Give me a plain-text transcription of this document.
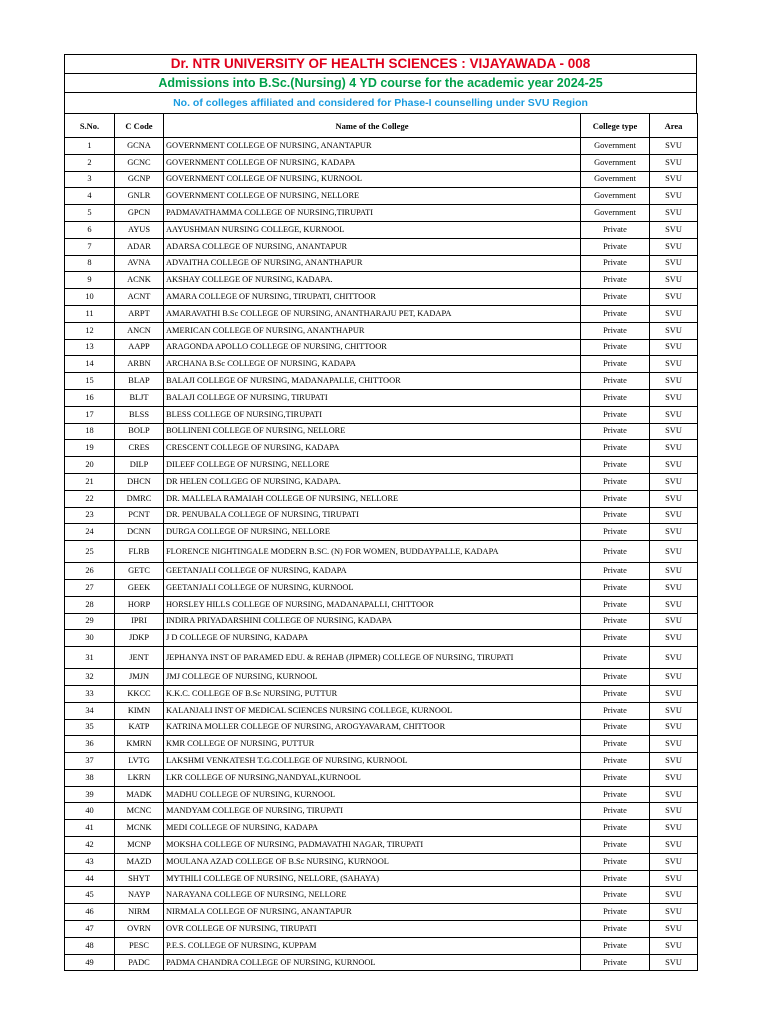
Dr. NTR UNIVERSITY OF HEALTH SCIENCES : VIJAYAWADA - 008
Admissions into B.Sc.(Nursing) 4 YD course for the academic year 2024-25
No. of colleges affiliated and considered for Phase-I counselling under SVU Region
S.No.	C Code	Name of the College	College type	Area
1	GCNA	GOVERNMENT COLLEGE OF NURSING, ANANTAPUR	Government	SVU
2	GCNC	GOVERNMENT COLLEGE OF NURSING, KADAPA	Government	SVU
3	GCNP	GOVERNMENT COLLEGE OF NURSING, KURNOOL	Government	SVU
4	GNLR	GOVERNMENT COLLEGE OF NURSING, NELLORE	Government	SVU
5	GPCN	PADMAVATHAMMA COLLEGE OF NURSING,TIRUPATI	Government	SVU
6	AYUS	AAYUSHMAN NURSING COLLEGE, KURNOOL	Private	SVU
7	ADAR	ADARSA COLLEGE OF NURSING, ANANTAPUR	Private	SVU
8	AVNA	ADVAITHA COLLEGE OF NURSING, ANANTHAPUR	Private	SVU
9	ACNK	AKSHAY COLLEGE OF NURSING, KADAPA.	Private	SVU
10	ACNT	AMARA COLLEGE OF NURSING, TIRUPATI, CHITTOOR	Private	SVU
11	ARPT	AMARAVATHI B.Sc COLLEGE OF NURSING, ANANTHARAJU PET, KADAPA	Private	SVU
12	ANCN	AMERICAN COLLEGE OF NURSING, ANANTHAPUR	Private	SVU
13	AAPP	ARAGONDA APOLLO COLLEGE OF NURSING, CHITTOOR	Private	SVU
14	ARBN	ARCHANA B.Sc COLLEGE OF NURSING, KADAPA	Private	SVU
15	BLAP	BALAJI COLLEGE OF NURSING, MADANAPALLE, CHITTOOR	Private	SVU
16	BLJT	BALAJI COLLEGE OF NURSING, TIRUPATI	Private	SVU
17	BLSS	BLESS COLLEGE OF NURSING,TIRUPATI	Private	SVU
18	BOLP	BOLLINENI COLLEGE OF NURSING, NELLORE	Private	SVU
19	CRES	CRESCENT COLLEGE OF NURSING, KADAPA	Private	SVU
20	DILP	DILEEF COLLEGE OF NURSING, NELLORE	Private	SVU
21	DHCN	DR HELEN COLLGEG OF NURSING, KADAPA.	Private	SVU
22	DMRC	DR. MALLELA RAMAIAH COLLEGE OF NURSING, NELLORE	Private	SVU
23	PCNT	DR. PENUBALA COLLEGE OF NURSING, TIRUPATI	Private	SVU
24	DCNN	DURGA COLLEGE OF NURSING, NELLORE	Private	SVU
25	FLRB	FLORENCE NIGHTINGALE MODERN B.SC. (N) FOR WOMEN, BUDDAYPALLE, KADAPA	Private	SVU
26	GETC	GEETANJALI COLLEGE OF NURSING, KADAPA	Private	SVU
27	GEEK	GEETANJALI COLLEGE OF NURSING, KURNOOL	Private	SVU
28	HORP	HORSLEY HILLS COLLEGE OF NURSING, MADANAPALLI, CHITTOOR	Private	SVU
29	IPRI	INDIRA PRIYADARSHINI COLLEGE OF NURSING, KADAPA	Private	SVU
30	JDKP	J D COLLEGE OF NURSING, KADAPA	Private	SVU
31	JENT	JEPHANYA INST OF PARAMED EDU. & REHAB (JIPMER) COLLEGE OF NURSING, TIRUPATI	Private	SVU
32	JMJN	JMJ COLLEGE OF NURSING, KURNOOL	Private	SVU
33	KKCC	K.K.C. COLLEGE OF B.Sc NURSING, PUTTUR	Private	SVU
34	KIMN	KALANJALI INST OF MEDICAL SCIENCES NURSING COLLEGE, KURNOOL	Private	SVU
35	KATP	KATRINA MOLLER COLLEGE OF NURSING, AROGYAVARAM, CHITTOOR	Private	SVU
36	KMRN	KMR COLLEGE OF NURSING, PUTTUR	Private	SVU
37	LVTG	LAKSHMI VENKATESH T.G.COLLEGE OF NURSING, KURNOOL	Private	SVU
38	LKRN	LKR COLLEGE OF NURSING,NANDYAL,KURNOOL	Private	SVU
39	MADK	MADHU COLLEGE OF NURSING, KURNOOL	Private	SVU
40	MCNC	MANDYAM COLLEGE OF NURSING, TIRUPATI	Private	SVU
41	MCNK	MEDI COLLEGE OF NURSING, KADAPA	Private	SVU
42	MCNP	MOKSHA COLLEGE OF NURSING, PADMAVATHI NAGAR, TIRUPATI	Private	SVU
43	MAZD	MOULANA AZAD COLLEGE OF B.Sc NURSING, KURNOOL	Private	SVU
44	SHYT	MYTHILI COLLEGE OF NURSING, NELLORE, (SAHAYA)	Private	SVU
45	NAYP	NARAYANA COLLEGE OF NURSING, NELLORE	Private	SVU
46	NIRM	NIRMALA COLLEGE OF NURSING, ANANTAPUR	Private	SVU
47	OVRN	OVR COLLEGE OF NURSING, TIRUPATI	Private	SVU
48	PESC	P.E.S. COLLEGE OF NURSING, KUPPAM	Private	SVU
49	PADC	PADMA CHANDRA COLLEGE OF NURSING, KURNOOL	Private	SVU
